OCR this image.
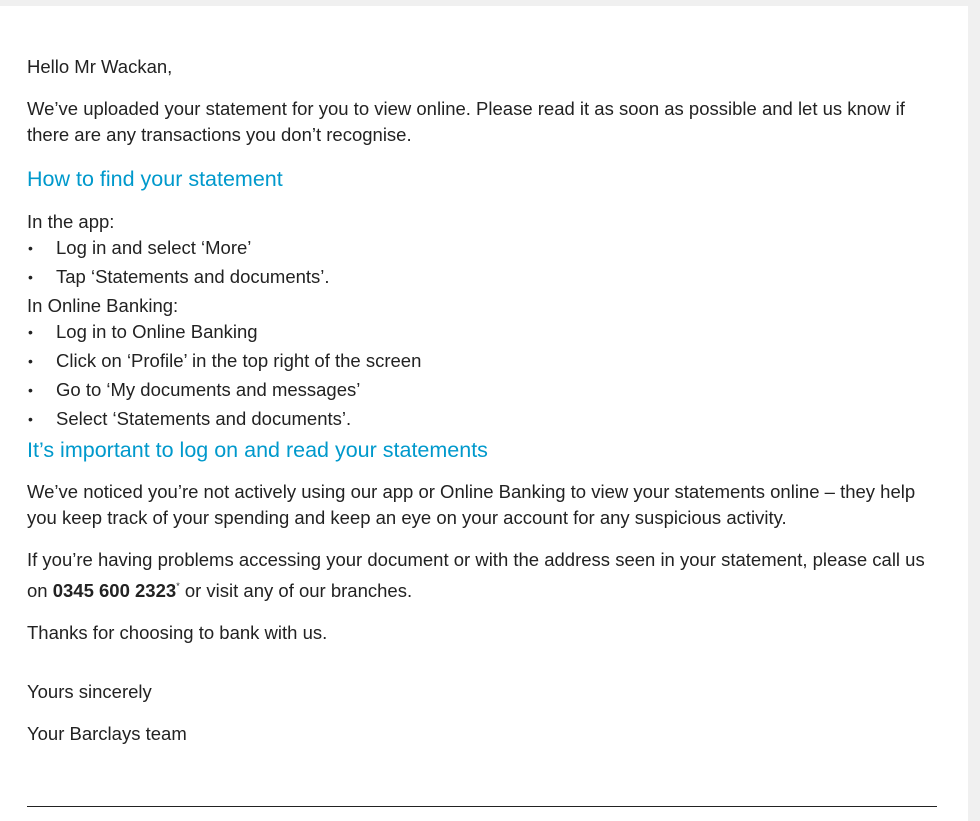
Hello Mr Wackan,

We’ve uploaded your statement for you to view online. Please read it as soon as possible and let us know if there are any transactions you don’t recognise.

How to find your statement

In the app:

• Log in and select ‘More’
• Tap ‘Statements and documents’.

In Online Banking:

• Log in to Online Banking
• Click on ‘Profile’ in the top right of the screen
• Go to ‘My documents and messages’
• Select ‘Statements and documents’.
It’s important to log on and read your statements

We’ve noticed you’re not actively using our app or Online Banking to view your statements online – they help you keep track of your spending and keep an eye on your account for any suspicious activity.

If you’re having problems accessing your document or with the address seen in your statement, please call us on 0345 600 2323* or visit any of our branches.

Thanks for choosing to bank with us.

Yours sincerely

Your Barclays team
